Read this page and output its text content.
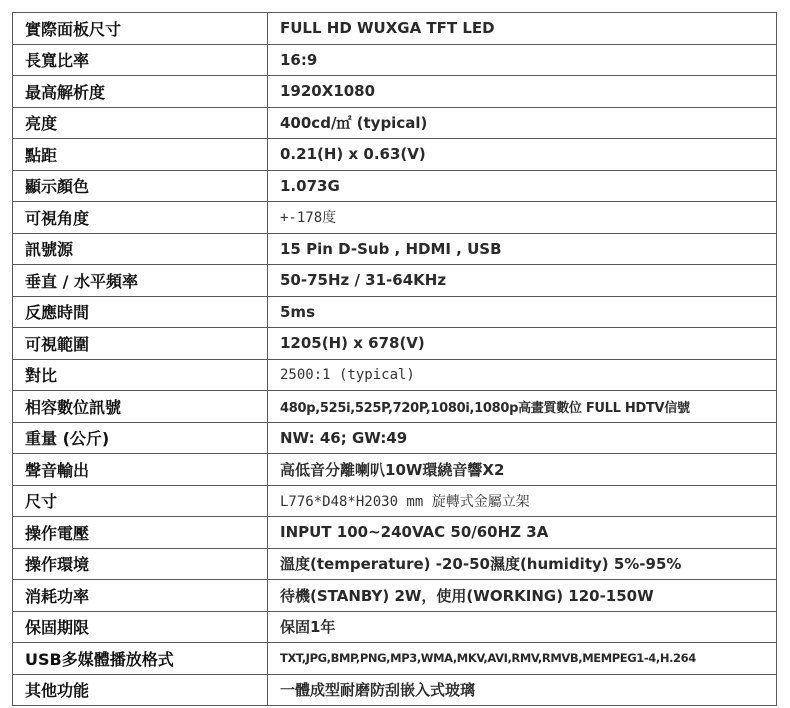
實際面板尺寸	FULL HD WUXGA TFT LED
長寬比率	16:9
最高解析度	1920X1080
亮度	400cd/㎡ (typical)
點距	0.21(H) x 0.63(V)
顯示顏色	1.073G
可視角度	+-178度
訊號源	15 Pin D-Sub , HDMI , USB
垂直 / 水平頻率	50-75Hz / 31-64KHz
反應時間	5ms
可視範圍	1205(H) x 678(V)
對比	2500:1 (typical)
相容數位訊號	480p,525i,525P,720P,1080i,1080p高畫質數位 FULL HDTV信號
重量 (公斤)	NW: 46; GW:49
聲音輸出	高低音分離喇叭10W環繞音響X2
尺寸	L776*D48*H2030 mm 旋轉式金屬立架
操作電壓	INPUT 100~240VAC 50/60HZ 3A
操作環境	溫度(temperature) -20-50濕度(humidity) 5%-95%
消耗功率	待機(STANBY) 2W，使用(WORKING) 120-150W
保固期限	保固1年
USB多媒體播放格式	TXT,JPG,BMP,PNG,MP3,WMA,MKV,AVI,RMV,RMVB,MEMPEG1-4,H.264
其他功能	一體成型耐磨防刮嵌入式玻璃
